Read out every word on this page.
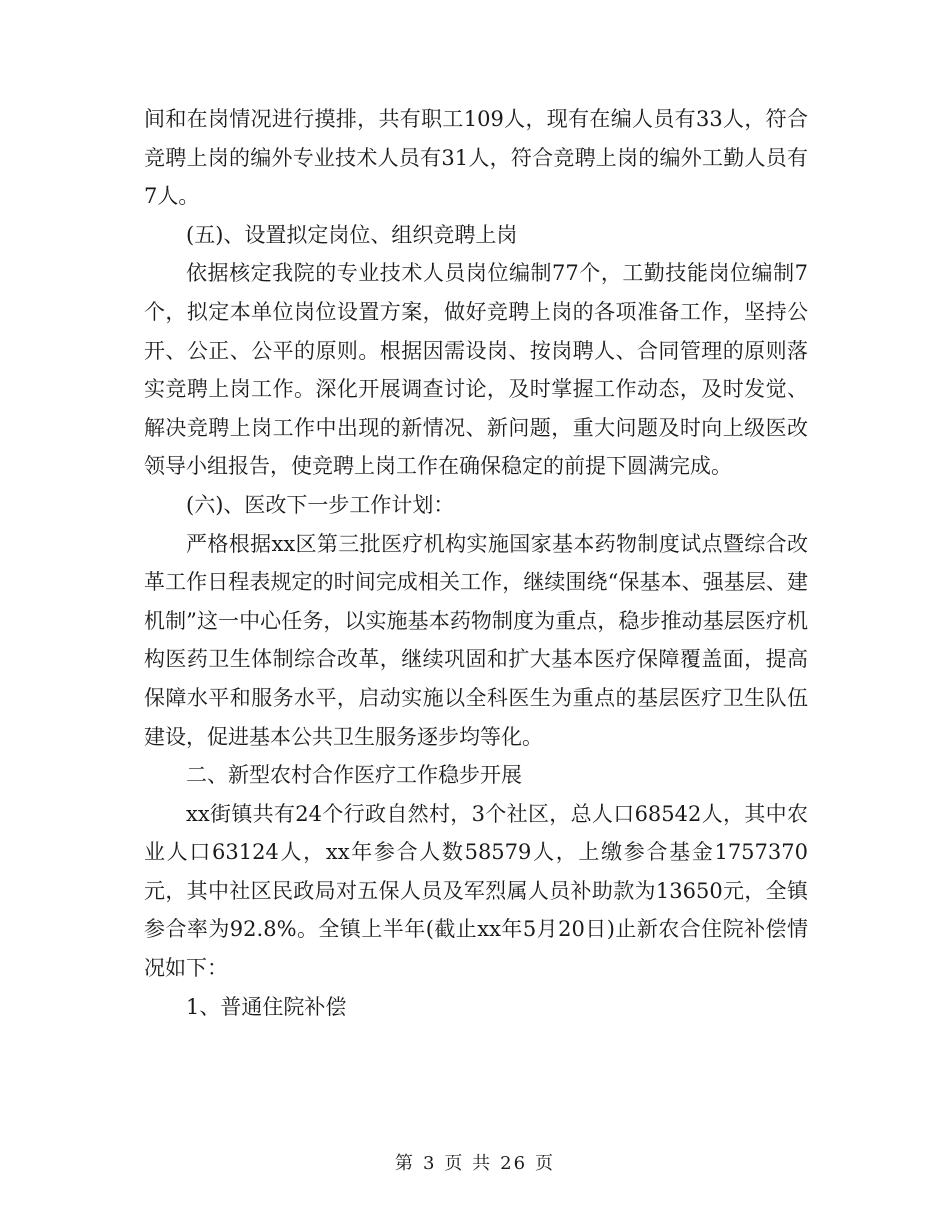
间和在岗情况进行摸排，共有职工109人，现有在编人员有33人，符合竞聘上岗的编外专业技术人员有31人，符合竞聘上岗的编外工勤人员有7人。

(五)、设置拟定岗位、组织竞聘上岗

依据核定我院的专业技术人员岗位编制77个，工勤技能岗位编制7个，拟定本单位岗位设置方案，做好竞聘上岗的各项准备工作，坚持公开、公正、公平的原则。根据因需设岗、按岗聘人、合同管理的原则落实竞聘上岗工作。深化开展调查讨论，及时掌握工作动态，及时发觉、解决竞聘上岗工作中出现的新情况、新问题，重大问题及时向上级医改领导小组报告，使竞聘上岗工作在确保稳定的前提下圆满完成。

(六)、医改下一步工作计划：

严格根据xx区第三批医疗机构实施国家基本药物制度试点暨综合改革工作日程表规定的时间完成相关工作，继续围绕“保基本、强基层、建机制”这一中心任务，以实施基本药物制度为重点，稳步推动基层医疗机构医药卫生体制综合改革，继续巩固和扩大基本医疗保障覆盖面，提高保障水平和服务水平，启动实施以全科医生为重点的基层医疗卫生队伍建设，促进基本公共卫生服务逐步均等化。

二、新型农村合作医疗工作稳步开展

xx街镇共有24个行政自然村，3个社区，总人口68542人，其中农业人口63124人，xx年参合人数58579人，上缴参合基金1757370元，其中社区民政局对五保人员及军烈属人员补助款为13650元，全镇参合率为92.8%。全镇上半年(截止xx年5月20日)止新农合住院补偿情况如下：

1、普通住院补偿

第 3 页 共 26 页
